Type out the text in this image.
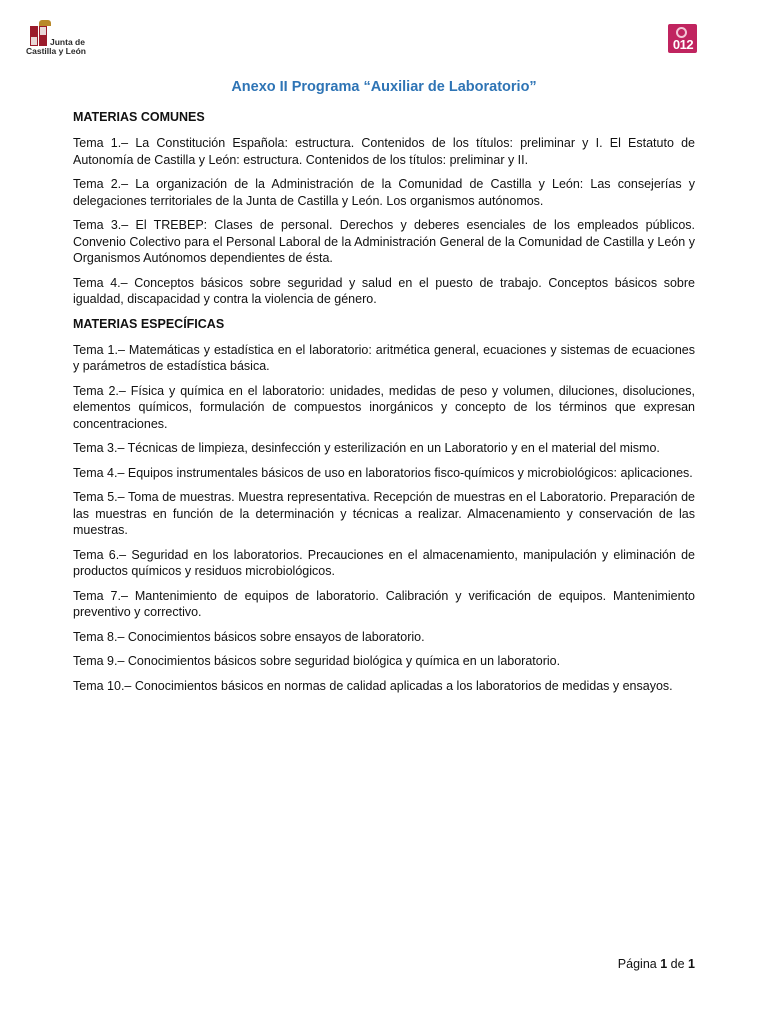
Junta de
Castilla y León	012
Anexo II Programa “Auxiliar de Laboratorio”
MATERIAS COMUNES

Tema 1.– La Constitución Española: estructura. Contenidos de los títulos: preliminar y I. El Estatuto de Autonomía de Castilla y León: estructura. Contenidos de los títulos: preliminar y II.

Tema 2.– La organización de la Administración de la Comunidad de Castilla y León: Las consejerías y delegaciones territoriales de la Junta de Castilla y León. Los organismos autónomos.

Tema 3.– El TREBEP: Clases de personal. Derechos y deberes esenciales de los empleados públicos. Convenio Colectivo para el Personal Laboral de la Administración General de la Comunidad de Castilla y León y Organismos Autónomos dependientes de ésta.

Tema 4.– Conceptos básicos sobre seguridad y salud en el puesto de trabajo. Conceptos básicos sobre igualdad, discapacidad y contra la violencia de género.

MATERIAS ESPECÍFICAS

Tema 1.– Matemáticas y estadística en el laboratorio: aritmética general, ecuaciones y sistemas de ecuaciones y parámetros de estadística básica.

Tema 2.– Física y química en el laboratorio: unidades, medidas de peso y volumen, diluciones, disoluciones, elementos químicos, formulación de compuestos inorgánicos y concepto de los términos que expresan concentraciones.

Tema 3.– Técnicas de limpieza, desinfección y esterilización en un Laboratorio y en el material del mismo.

Tema 4.– Equipos instrumentales básicos de uso en laboratorios fisco-químicos y microbiológicos: aplicaciones.

Tema 5.– Toma de muestras. Muestra representativa. Recepción de muestras en el Laboratorio. Preparación de las muestras en función de la determinación y técnicas a realizar. Almacenamiento y conservación de las muestras.

Tema 6.– Seguridad en los laboratorios. Precauciones en el almacenamiento, manipulación y eliminación de productos químicos y residuos microbiológicos.

Tema 7.– Mantenimiento de equipos de laboratorio. Calibración y verificación de equipos. Mantenimiento preventivo y correctivo.

Tema 8.– Conocimientos básicos sobre ensayos de laboratorio.

Tema 9.– Conocimientos básicos sobre seguridad biológica y química en un laboratorio.

Tema 10.– Conocimientos básicos en normas de calidad aplicadas a los laboratorios de medidas y ensayos.

Página 1 de 1
